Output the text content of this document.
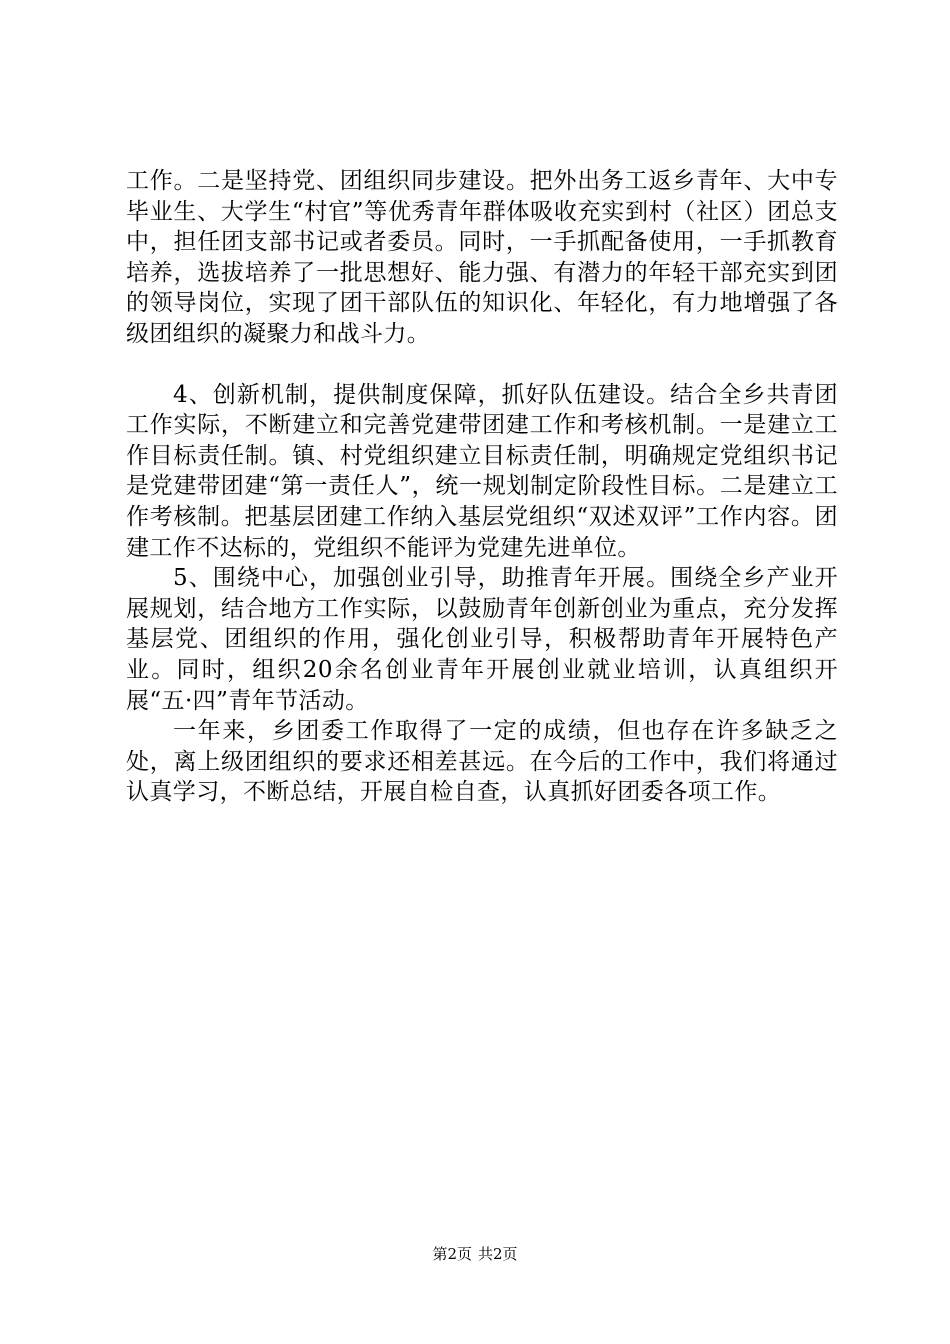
工作。二是坚持党、团组织同步建设。把外出务工返乡青年、大中专毕业生、大学生“村官”等优秀青年群体吸收充实到村（社区）团总支中，担任团支部书记或者委员。同时，一手抓配备使用，一手抓教育培养，选拔培养了一批思想好、能力强、有潜力的年轻干部充实到团的领导岗位，实现了团干部队伍的知识化、年轻化，有力地增强了各级团组织的凝聚力和战斗力。

4、创新机制，提供制度保障，抓好队伍建设。结合全乡共青团工作实际，不断建立和完善党建带团建工作和考核机制。一是建立工作目标责任制。镇、村党组织建立目标责任制，明确规定党组织书记是党建带团建“第一责任人”，统一规划制定阶段性目标。二是建立工作考核制。把基层团建工作纳入基层党组织“双述双评”工作内容。团建工作不达标的，党组织不能评为党建先进单位。

5、围绕中心，加强创业引导，助推青年开展。围绕全乡产业开展规划，结合地方工作实际，以鼓励青年创新创业为重点，充分发挥基层党、团组织的作用，强化创业引导，积极帮助青年开展特色产业。同时，组织20余名创业青年开展创业就业培训，认真组织开展“五·四”青年节活动。

一年来，乡团委工作取得了一定的成绩，但也存在许多缺乏之处，离上级团组织的要求还相差甚远。在今后的工作中，我们将通过认真学习，不断总结，开展自检自查，认真抓好团委各项工作。

第2页 共2页
